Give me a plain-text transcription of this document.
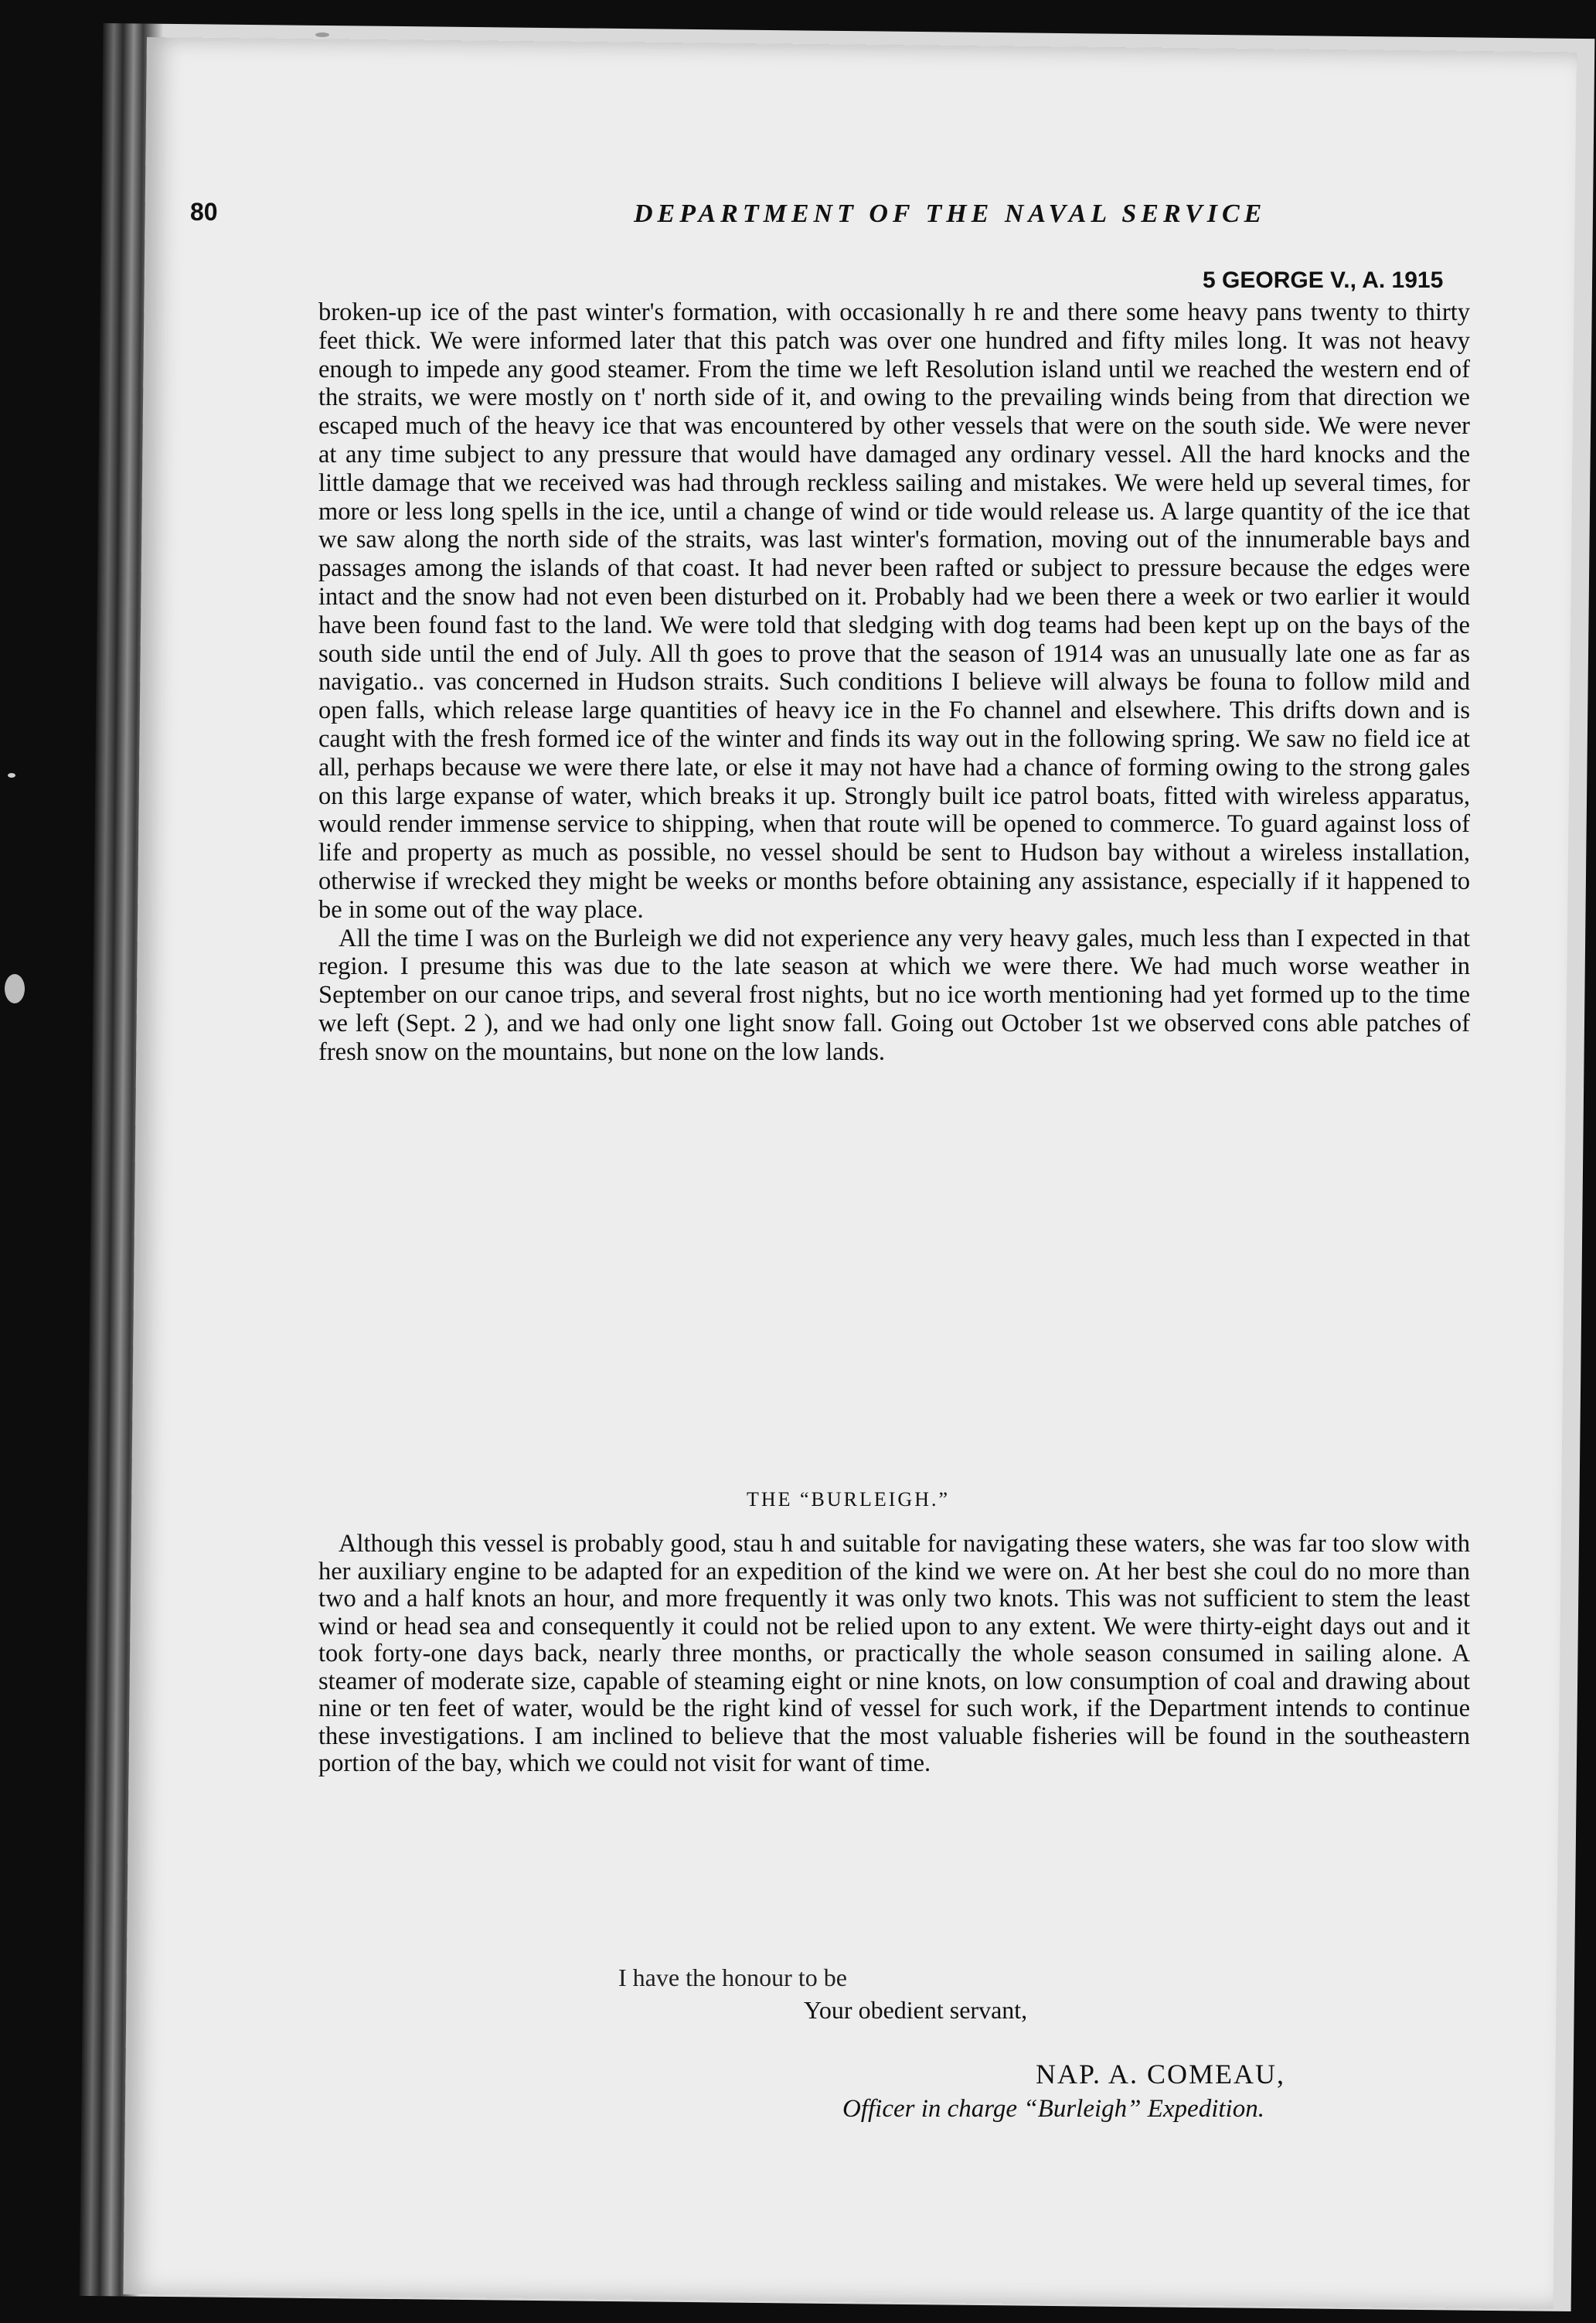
80	DEPARTMENT OF THE NAVAL SERVICE
5 GEORGE V., A. 1915

broken-up ice of the past winter's formation, with occasionally h re and there some heavy pans twenty to thirty feet thick. We were informed later that this patch was over one hundred and fifty miles long. It was not heavy enough to impede any good steamer. From the time we left Resolution island until we reached the western end of the straits, we were mostly on t' north side of it, and owing to the prevailing winds being from that direction we escaped much of the heavy ice that was encountered by other vessels that were on the south side. We were never at any time subject to any pressure that would have damaged any ordinary vessel. All the hard knocks and the little damage that we received was had through reckless sailing and mistakes. We were held up several times, for more or less long spells in the ice, until a change of wind or tide would release us. A large quantity of the ice that we saw along the north side of the straits, was last winter's formation, moving out of the innumerable bays and passages among the islands of that coast. It had never been rafted or subject to pressure because the edges were intact and the snow had not even been disturbed on it. Probably had we been there a week or two earlier it would have been found fast to the land. We were told that sledging with dog teams had been kept up on the bays of the south side until the end of July. All th goes to prove that the season of 1914 was an unusually late one as far as navigatio.. vas concerned in Hudson straits. Such conditions I believe will always be founa to follow mild and open falls, which release large quantities of heavy ice in the Fo channel and elsewhere. This drifts down and is caught with the fresh formed ice of the winter and finds its way out in the following spring. We saw no field ice at all, perhaps because we were there late, or else it may not have had a chance of forming owing to the strong gales on this large expanse of water, which breaks it up. Strongly built ice patrol boats, fitted with wireless apparatus, would render immense service to shipping, when that route will be opened to commerce. To guard against loss of life and property as much as possible, no vessel should be sent to Hudson bay without a wireless installation, otherwise if wrecked they might be weeks or months before obtaining any assistance, especially if it happened to be in some out of the way place.

All the time I was on the Burleigh we did not experience any very heavy gales, much less than I expected in that region. I presume this was due to the late season at which we were there. We had much worse weather in September on our canoe trips, and several frost nights, but no ice worth mentioning had yet formed up to the time we left (Sept. 2 ), and we had only one light snow fall. Going out October 1st we observed cons able patches of fresh snow on the mountains, but none on the low lands.

THE “BURLEIGH.”

Although this vessel is probably good, stau h and suitable for navigating these waters, she was far too slow with her auxiliary engine to be adapted for an expedition of the kind we were on. At her best she coul do no more than two and a half knots an hour, and more frequently it was only two knots. This was not sufficient to stem the least wind or head sea and consequently it could not be relied upon to any extent. We were thirty-eight days out and it took forty-one days back, nearly three months, or practically the whole season consumed in sailing alone. A steamer of moderate size, capable of steaming eight or nine knots, on low consumption of coal and drawing about nine or ten feet of water, would be the right kind of vessel for such work, if the Department intends to continue these investigations. I am inclined to believe that the most valuable fisheries will be found in the southeastern portion of the bay, which we could not visit for want of time.

I have the honour to be
Your obedient servant,
NAP. A. COMEAU,
Officer in charge “Burleigh” Expedition.
